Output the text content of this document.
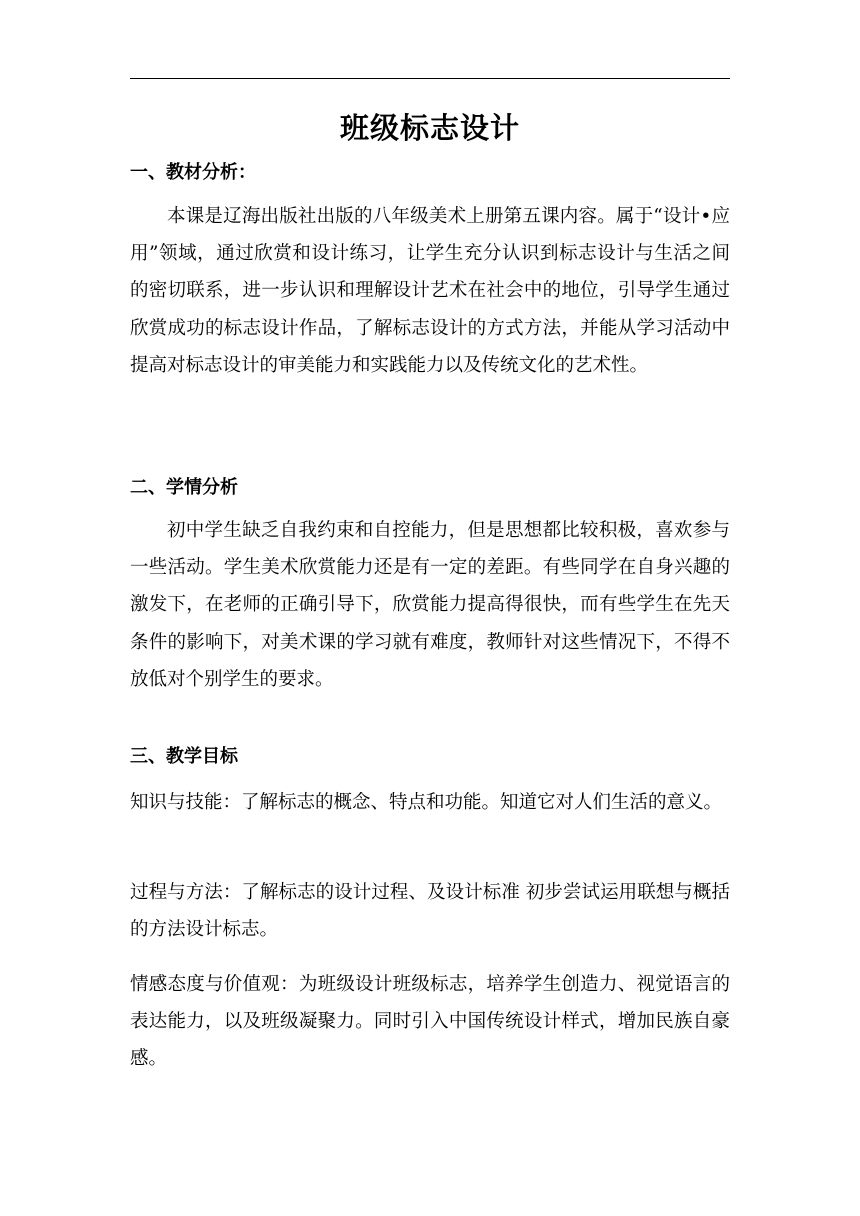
班级标志设计
一、教材分析：
本课是辽海出版社出版的八年级美术上册第五课内容。属于“设计•应用”领域，通过欣赏和设计练习，让学生充分认识到标志设计与生活之间的密切联系，进一步认识和理解设计艺术在社会中的地位，引导学生通过欣赏成功的标志设计作品，了解标志设计的方式方法，并能从学习活动中提高对标志设计的审美能力和实践能力以及传统文化的艺术性。
二、学情分析
初中学生缺乏自我约束和自控能力，但是思想都比较积极，喜欢参与一些活动。学生美术欣赏能力还是有一定的差距。有些同学在自身兴趣的激发下，在老师的正确引导下，欣赏能力提高得很快，而有些学生在先天条件的影响下，对美术课的学习就有难度，教师针对这些情况下，不得不放低对个别学生的要求。
三、教学目标
知识与技能：了解标志的概念、特点和功能。知道它对人们生活的意义。
过程与方法：了解标志的设计过程、及设计标准 初步尝试运用联想与概括的方法设计标志。
情感态度与价值观：为班级设计班级标志，培养学生创造力、视觉语言的表达能力，以及班级凝聚力。同时引入中国传统设计样式，增加民族自豪感。
